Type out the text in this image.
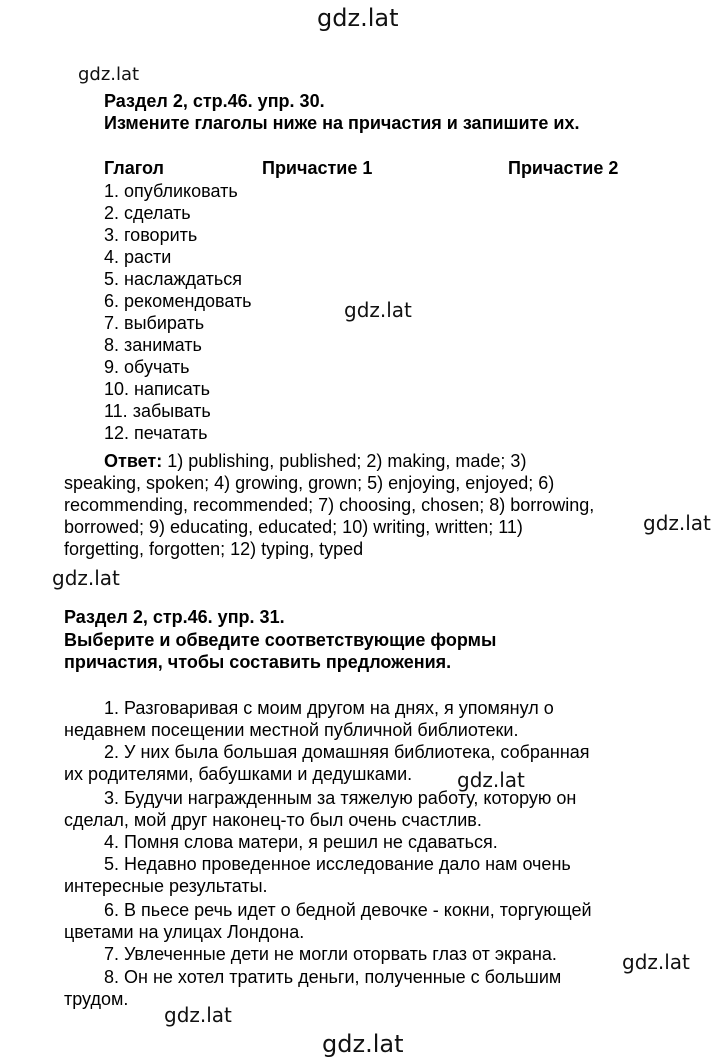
gdz.lat
gdz.lat
gdz.lat
gdz.lat
gdz.lat
gdz.lat
gdz.lat
gdz.lat
gdz.lat
Раздел 2, стр.46. упр. 30.
Измените глаголы ниже на причастия и запишите их.
Глагол	Причастие 1	Причастие 2
1. опубликовать
2. сделать
3. говорить
4. расти
5. наслаждаться
6. рекомендовать
7. выбирать
8. занимать
9. обучать
10. написать
11. забывать
12. печатать
Ответ: 1) publishing, published; 2) making, made; 3)
speaking, spoken; 4) growing, grown; 5) enjoying, enjoyed; 6)
recommending, recommended; 7) choosing, chosen; 8) borrowing,
borrowed; 9) educating, educated; 10) writing, written; 11)
forgetting, forgotten; 12) typing, typed
Раздел 2, стр.46. упр. 31.
Выберите и обведите соответствующие формы
причастия, чтобы составить предложения.
1. Разговаривая с моим другом на днях, я упомянул о
недавнем посещении местной публичной библиотеки.
2. У них была большая домашняя библиотека, собранная
их родителями, бабушками и дедушками.
3. Будучи награжденным за тяжелую работу, которую он
сделал, мой друг наконец-то был очень счастлив.
4. Помня слова матери, я решил не сдаваться.
5. Недавно проведенное исследование дало нам очень
интересные результаты.
6. В пьесе речь идет о бедной девочке - кокни, торгующей
цветами на улицах Лондона.
7. Увлеченные дети не могли оторвать глаз от экрана.
8. Он не хотел тратить деньги, полученные с большим
трудом.
